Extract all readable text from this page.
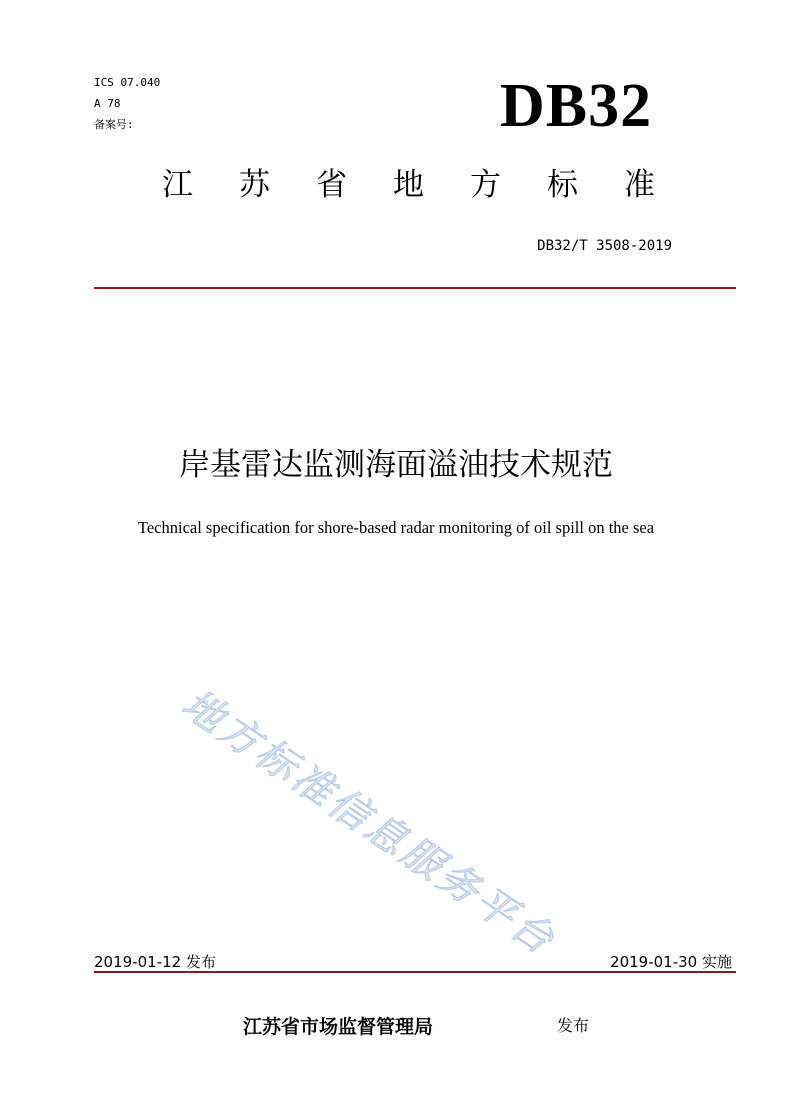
ICS 07.040
A 78
备案号:	DB32
江苏省地方标准
DB32/T 3508-2019
岸基雷达监测海面溢油技术规范
Technical specification for shore-based radar monitoring of oil spill on the sea
地方标准信息服务平台
2019-01-12 发布	2019-01-30 实施
江苏省市场监督管理局	发布
